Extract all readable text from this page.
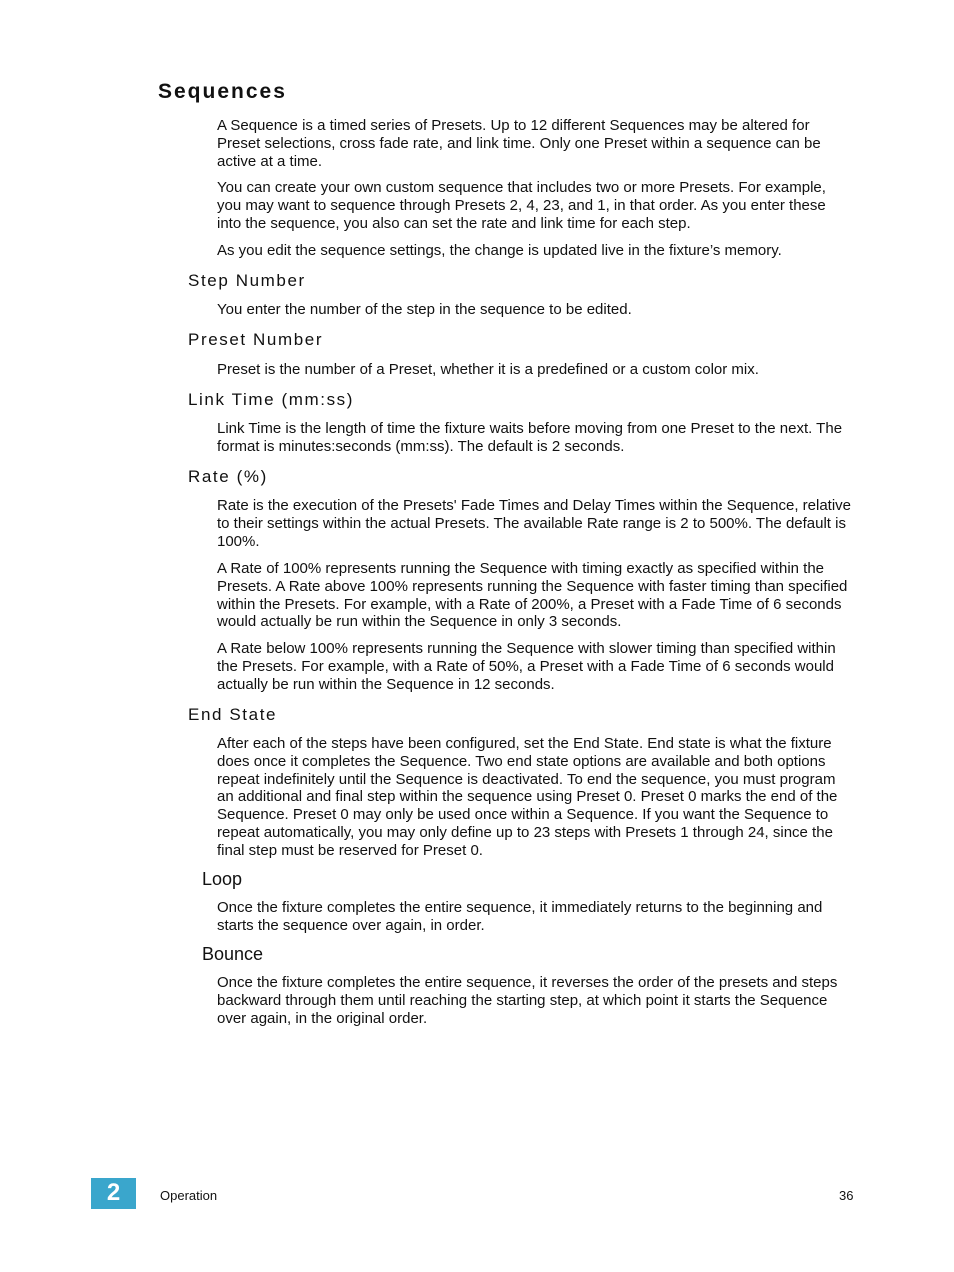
Sequences

A Sequence is a timed series of Presets. Up to 12 different Sequences may be altered for Preset selections, cross fade rate, and link time. Only one Preset within a sequence can be active at a time.

You can create your own custom sequence that includes two or more Presets. For example, you may want to sequence through Presets 2, 4, 23, and 1, in that order. As you enter these into the sequence, you also can set the rate and link time for each step.

As you edit the sequence settings, the change is updated live in the fixture’s memory.

Step Number

You enter the number of the step in the sequence to be edited.

Preset Number

Preset is the number of a Preset, whether it is a predefined or a custom color mix.

Link Time (mm:ss)

Link Time is the length of time the fixture waits before moving from one Preset to the next. The format is minutes:seconds (mm:ss). The default is 2 seconds.

Rate (%)

Rate is the execution of the Presets' Fade Times and Delay Times within the Sequence, relative to their settings within the actual Presets. The available Rate range is 2 to 500%. The default is 100%.

A Rate of 100% represents running the Sequence with timing exactly as specified within the Presets. A Rate above 100% represents running the Sequence with faster timing than specified within the Presets. For example, with a Rate of 200%, a Preset with a Fade Time of 6 seconds would actually be run within the Sequence in only 3 seconds.

A Rate below 100% represents running the Sequence with slower timing than specified within the Presets. For example, with a Rate of 50%, a Preset with a Fade Time of 6 seconds would actually be run within the Sequence in 12 seconds.

End State

After each of the steps have been configured, set the End State. End state is what the fixture does once it completes the Sequence. Two end state options are available and both options repeat indefinitely until the Sequence is deactivated. To end the sequence, you must program an additional and final step within the sequence using Preset 0. Preset 0 marks the end of the Sequence. Preset 0 may only be used once within a Sequence. If you want the Sequence to repeat automatically, you may only define up to 23 steps with Presets 1 through 24, since the final step must be reserved for Preset 0.

Loop

Once the fixture completes the entire sequence, it immediately returns to the beginning and starts the sequence over again, in order.

Bounce

Once the fixture completes the entire sequence, it reverses the order of the presets and steps backward through them until reaching the starting step, at which point it starts the Sequence over again, in the original order.

2	Operation	36
